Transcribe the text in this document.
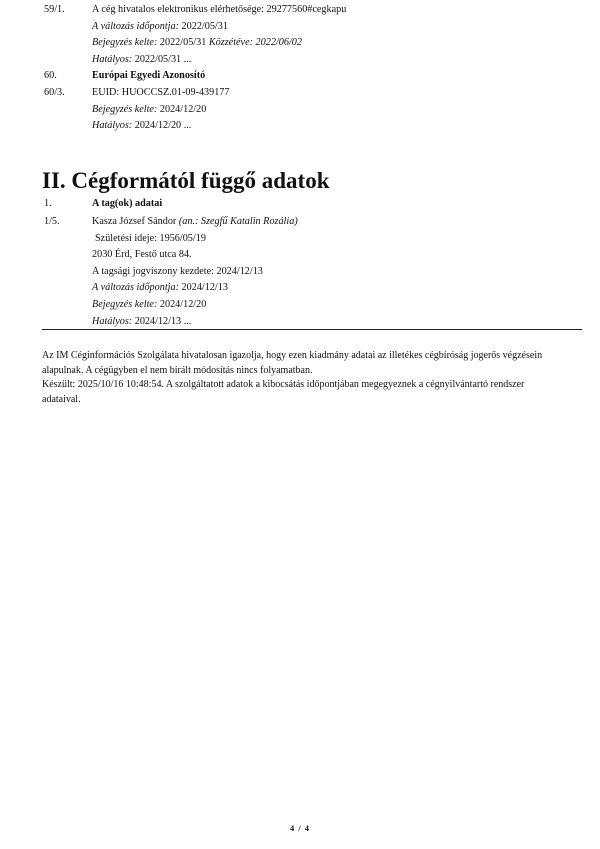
59/1.	A cég hivatalos elektronikus elérhetősége: 29277560#cegkapu
A változás időpontja: 2022/05/31
Bejegyzés kelte: 2022/05/31 Közzétéve: 2022/06/02
Hatályos: 2022/05/31 ...
60.	Európai Egyedi Azonosító
60/3.	EUID: HUOCCSZ.01-09-439177
Bejegyzés kelte: 2024/12/20
Hatályos: 2024/12/20 ...
II. Cégformától függő adatok
1.	A tag(ok) adatai
1/5.	Kasza József Sándor (an.: Szegfű Katalin Rozália)
Születési ideje: 1956/05/19
2030 Érd, Festő utca 84.
A tagsági jogviszony kezdete: 2024/12/13
A változás időpontja: 2024/12/13
Bejegyzés kelte: 2024/12/20
Hatályos: 2024/12/13 ...

Az IM Céginformációs Szolgálata hivatalosan igazolja, hogy ezen kiadmány adatai az illetékes cégbíróság jogerős végzésein alapulnak. A cégügyben el nem bírált módosítás nincs folyamatban.

Készült: 2025/10/16 10:48:54. A szolgáltatott adatok a kibocsátás időpontjában megegyeznek a cégnyilvántartó rendszer adataival.

4 / 4
